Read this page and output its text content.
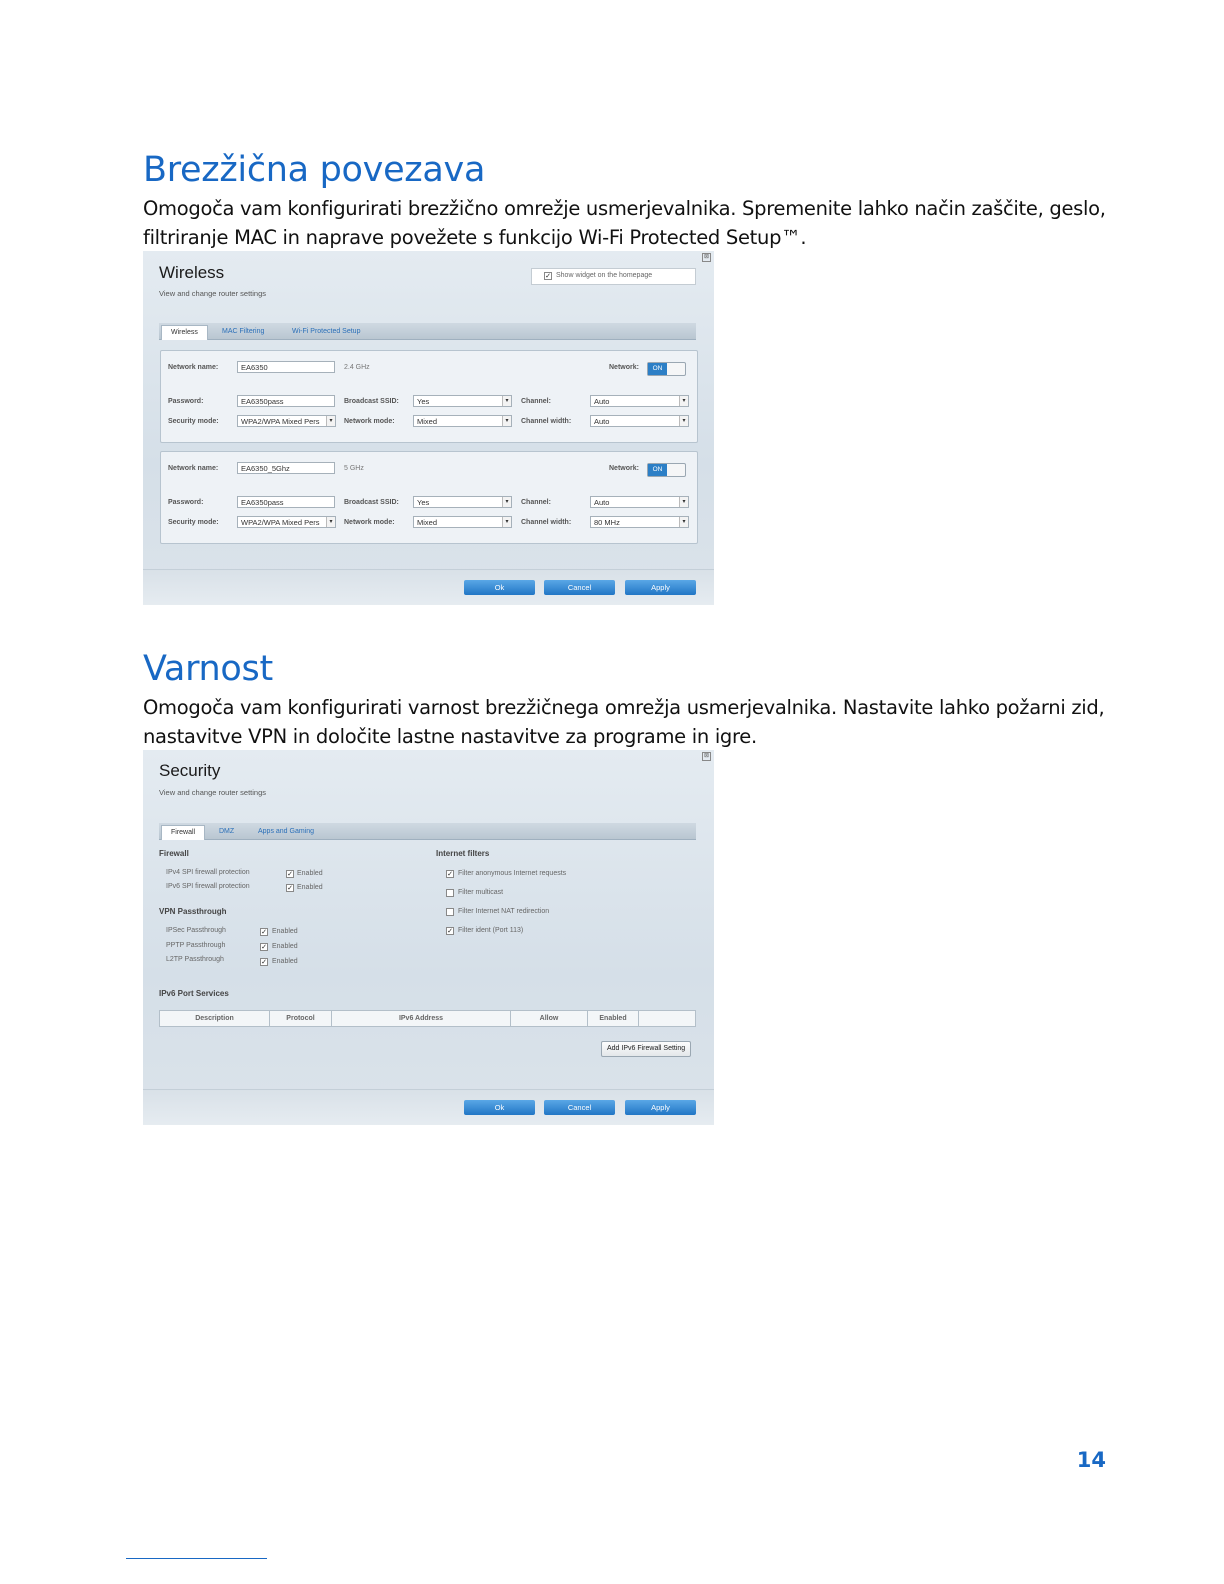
Brezžična povezava

Omogoča vam konfigurirati brezžično omrežje usmerjevalnika. Spremenite lahko način zaščite, geslo, filtriranje MAC in naprave povežete s funkcijo Wi-Fi Protected Setup™.

Wireless
View and change router settings
⊠
✓ Show widget on the homepage
Wireless	MAC Filtering	Wi-Fi Protected Setup
Network name:	EA6350	2.4 GHz	Network:	ON
Password:	EA6350pass	Broadcast SSID:	Yes	▾	Channel:	Auto	▾
Security mode:	WPA2/WPA Mixed Pers	▾	Network mode:	Mixed	▾	Channel width:	Auto	▾
Network name:	EA6350_5Ghz	5 GHz	Network:	ON
Password:	EA6350pass	Broadcast SSID:	Yes	▾	Channel:	Auto	▾
Security mode:	WPA2/WPA Mixed Pers	▾	Network mode:	Mixed	▾	Channel width:	80 MHz	▾
Ok	Cancel	Apply
Varnost

Omogoča vam konfigurirati varnost brezžičnega omrežja usmerjevalnika. Nastavite lahko požarni zid, nastavitve VPN in določite lastne nastavitve za programe in igre.

Security
View and change router settings
⊠
Firewall	DMZ	Apps and Gaming
Firewall
IPv4 SPI firewall protection	✓ Enabled
IPv6 SPI firewall protection	✓ Enabled
VPN Passthrough
IPSec Passthrough	✓ Enabled
PPTP Passthrough	✓ Enabled
L2TP Passthrough	✓ Enabled
Internet filters
✓ Filter anonymous Internet requests
Filter multicast
Filter Internet NAT redirection
✓ Filter ident (Port 113)
IPv6 Port Services
Description	Protocol	IPv6 Address	Allow	Enabled
Add IPv6 Firewall Setting
Ok	Cancel	Apply
14
